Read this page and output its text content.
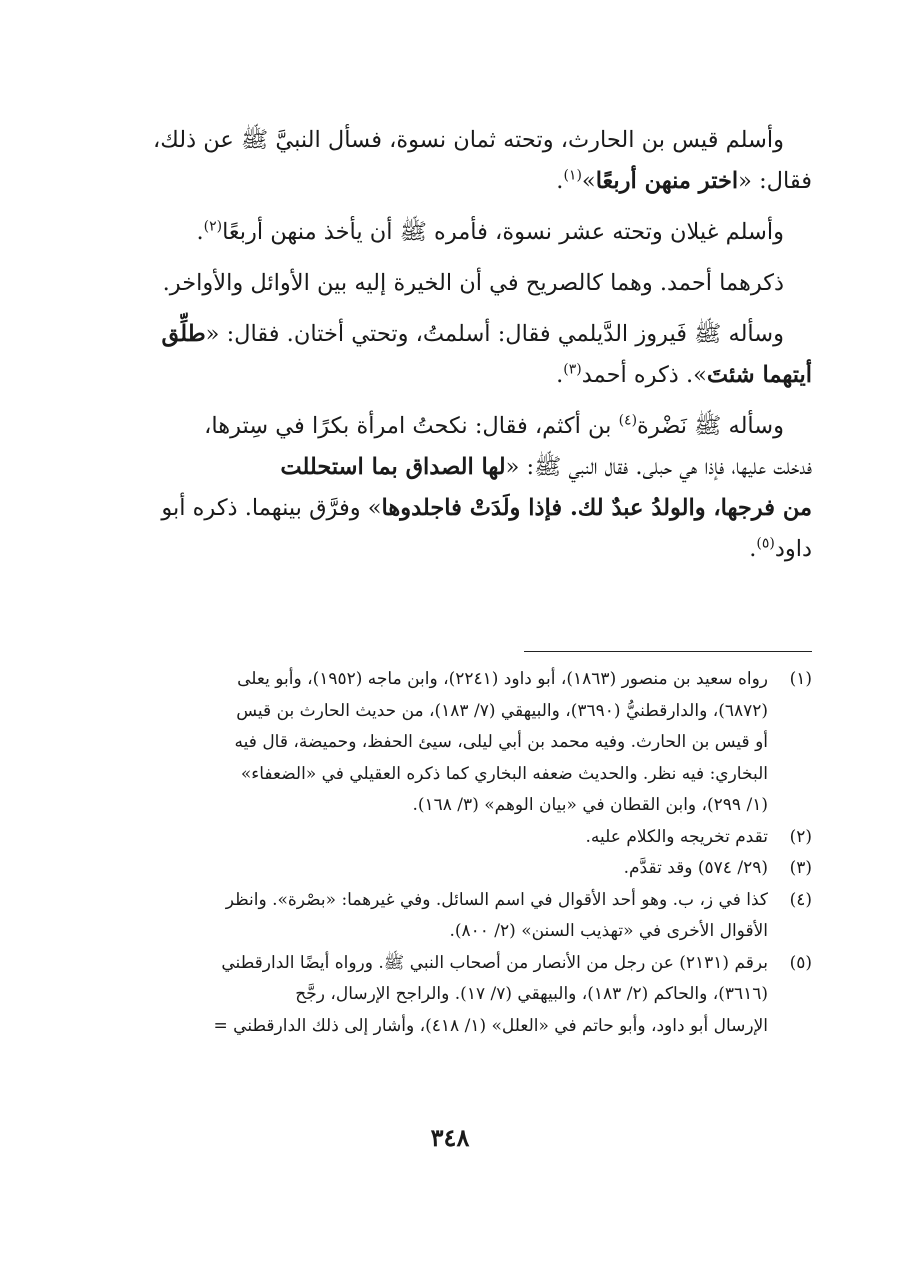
وأسلم قيس بن الحارث، وتحته ثمان نسوة، فسأل النبيَّ ﷺ عن ذلك،

فقال: «اختر منهن أربعًا»$^{(١)}$.

وأسلم غيلان وتحته عشر نسوة، فأمره ﷺ أن يأخذ منهن أربعًا$^{(٢)}$.

ذكرهما أحمد. وهما كالصريح في أن الخيرة إليه بين الأوائل والأواخر.

وسأله ﷺ فَيروز الدَّيلمي فقال: أسلمتُ، وتحتي أختان. فقال: «طلِّق

أيتهما شئتَ». ذكره أحمد$^{(٣)}$.

وسأله ﷺ نَضْرة$^{(٤)}$ بن أكثم، فقال: نكحتُ امرأة بكرًا في سِترها،

فدخلت عليها، فإذا هي حبلى. فقال النبي ﷺ: «لها الصداق بما استحللت

من فرجها، والولدُ عبدٌ لك. فإذا ولَدَتْ فاجلدوها» وفرَّق بينهما. ذكره أبو

داود$^{(٥)}$.

(١)
رواه سعيد بن منصور (١٨٦٣)، أبو داود (٢٢٤١)، وابن ماجه (١٩٥٢)، وأبو يعلى
(٦٨٧٢)، والدارقطنيُّ (٣٦٩٠)، والبيهقي (٧/ ١٨٣)، من حديث الحارث بن قيس
أو قيس بن الحارث. وفيه محمد بن أبي ليلى، سيئ الحفظ، وحميضة، قال فيه
البخاري: فيه نظر. والحديث ضعفه البخاري كما ذكره العقيلي في «الضعفاء»
(١/ ٢٩٩)، وابن القطان في «بيان الوهم» (٣/ ١٦٨).
(٢)
تقدم تخريجه والكلام عليه.
(٣)
(٢٩/ ٥٧٤) وقد تقدَّم.
(٤)
كذا في ز، ب. وهو أحد الأقوال في اسم السائل. وفي غيرهما: «بصْرة». وانظر
الأقوال الأخرى في «تهذيب السنن» (٢/ ٨٠٠).
(٥)
برقم (٢١٣١) عن رجل من الأنصار من أصحاب النبي ﷺ. ورواه أيضًا الدارقطني
(٣٦١٦)، والحاكم (٢/ ١٨٣)، والبيهقي (٧/ ١٧). والراجح الإرسال، رجَّح
الإرسال أبو داود، وأبو حاتم في «العلل» (١/ ٤١٨)، وأشار إلى ذلك الدارقطني =
٣٤٨
